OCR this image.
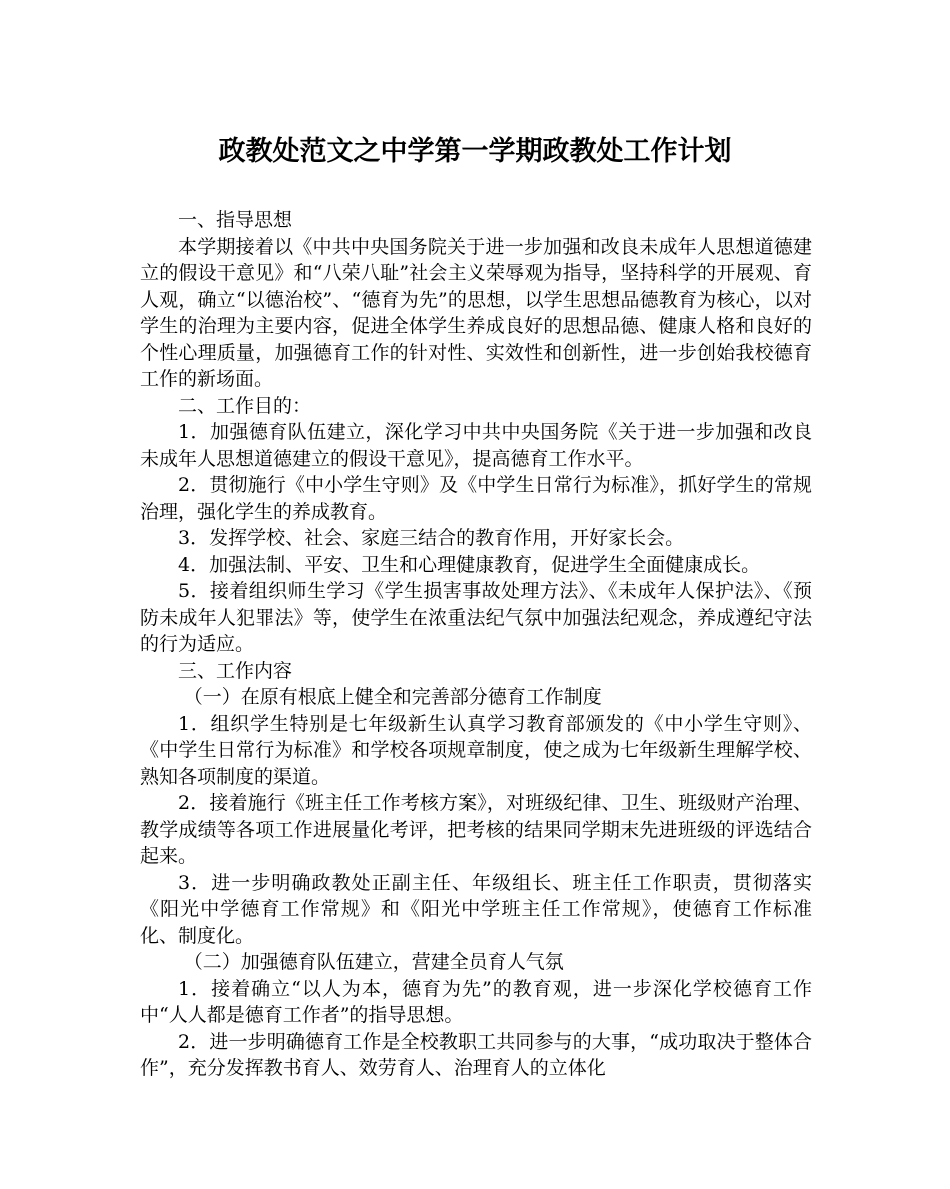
政教处范文之中学第一学期政教处工作计划

一、指导思想

本学期接着以《中共中央国务院关于进一步加强和改良未成年人思想道德建立的假设干意见》和“八荣八耻”社会主义荣辱观为指导，坚持科学的开展观、育人观，确立“以德治校”、“德育为先”的思想，以学生思想品德教育为核心，以对学生的治理为主要内容，促进全体学生养成良好的思想品德、健康人格和良好的个性心理质量，加强德育工作的针对性、实效性和创新性，进一步创始我校德育工作的新场面。

二、工作目的：

1．加强德育队伍建立，深化学习中共中央国务院《关于进一步加强和改良未成年人思想道德建立的假设干意见》，提高德育工作水平。

2．贯彻施行《中小学生守则》及《中学生日常行为标准》，抓好学生的常规治理，强化学生的养成教育。

3．发挥学校、社会、家庭三结合的教育作用，开好家长会。

4．加强法制、平安、卫生和心理健康教育，促进学生全面健康成长。

5．接着组织师生学习《学生损害事故处理方法》、《未成年人保护法》、《预防未成年人犯罪法》等，使学生在浓重法纪气氛中加强法纪观念，养成遵纪守法的行为适应。

三、工作内容

（一）在原有根底上健全和完善部分德育工作制度

1．组织学生特别是七年级新生认真学习教育部颁发的《中小学生守则》、《中学生日常行为标准》和学校各项规章制度，使之成为七年级新生理解学校、熟知各项制度的渠道。

2．接着施行《班主任工作考核方案》，对班级纪律、卫生、班级财产治理、教学成绩等各项工作进展量化考评，把考核的结果同学期末先进班级的评选结合起来。

3．进一步明确政教处正副主任、年级组长、班主任工作职责，贯彻落实《阳光中学德育工作常规》和《阳光中学班主任工作常规》，使德育工作标准化、制度化。

（二）加强德育队伍建立，营建全员育人气氛

1．接着确立“以人为本，德育为先”的教育观，进一步深化学校德育工作中“人人都是德育工作者”的指导思想。

2．进一步明确德育工作是全校教职工共同参与的大事，“成功取决于整体合作”，充分发挥教书育人、效劳育人、治理育人的立体化
